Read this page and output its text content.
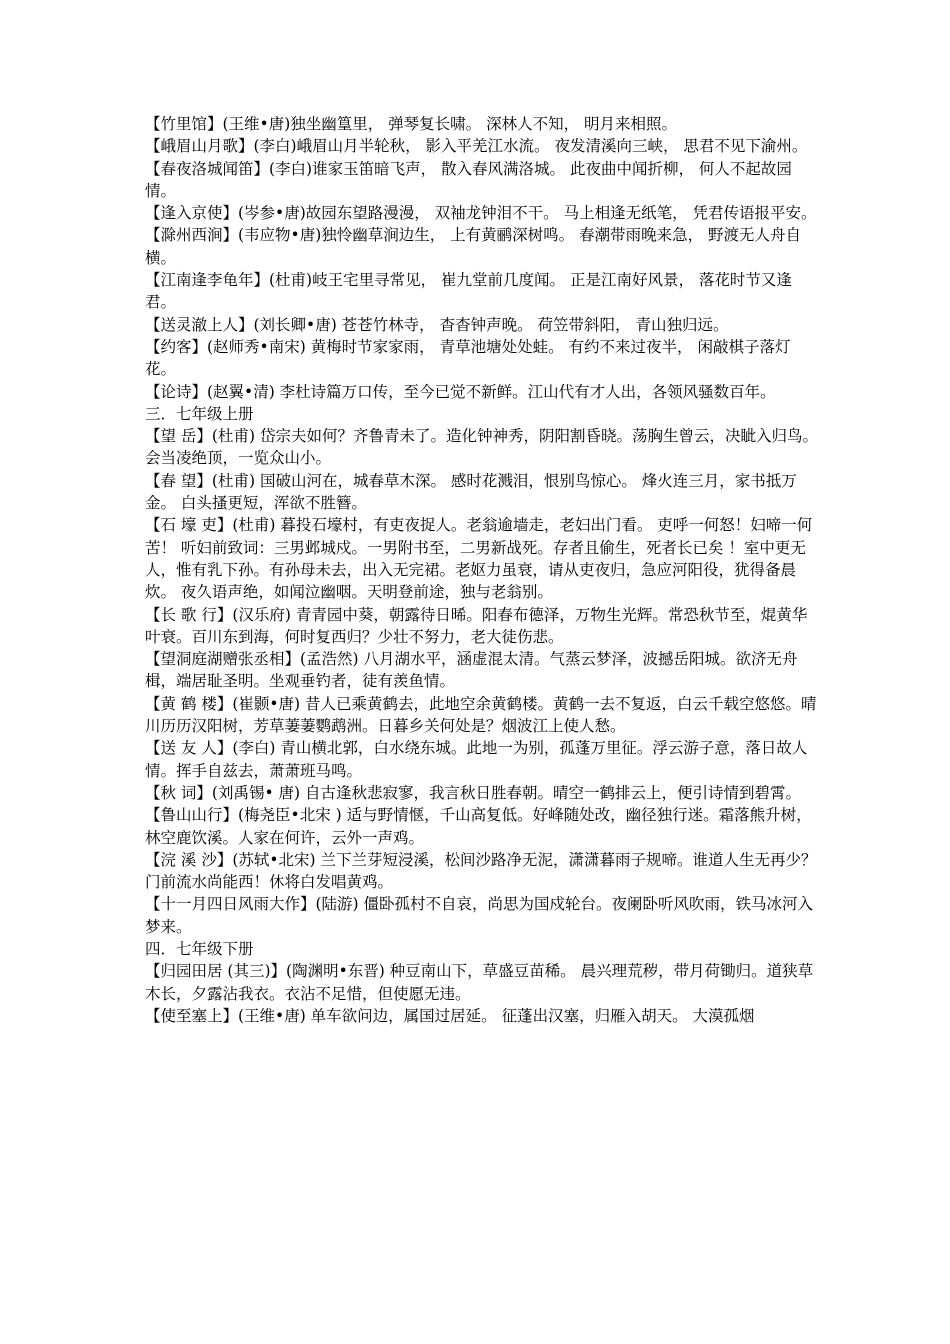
【竹里馆】(王维•唐)独坐幽篁里， 弹琴复长啸。 深林人不知， 明月来相照。

【峨眉山月歌】(李白)峨眉山月半轮秋， 影入平羌江水流。 夜发清溪向三峡， 思君不见下渝州。

【春夜洛城闻笛】(李白)谁家玉笛暗飞声， 散入春风满洛城。 此夜曲中闻折柳， 何人不起故园情。

【逢入京使】(岑参•唐)故园东望路漫漫， 双袖龙钟泪不干。 马上相逢无纸笔， 凭君传语报平安。

【滁州西涧】(韦应物•唐)独怜幽草涧边生， 上有黄鹂深树鸣。 春潮带雨晚来急， 野渡无人舟自横。

【江南逢李龟年】(杜甫)岐王宅里寻常见， 崔九堂前几度闻。 正是江南好风景， 落花时节又逢君。

【送灵澈上人】(刘长卿•唐) 苍苍竹林寺， 杳杳钟声晚。 荷笠带斜阳， 青山独归远。

【约客】(赵师秀•南宋) 黄梅时节家家雨， 青草池塘处处蛙。 有约不来过夜半， 闲敲棋子落灯花。

【论诗】(赵翼•清) 李杜诗篇万口传，至今已觉不新鲜。江山代有才人出，各领风骚数百年。

三．七年级上册

【望 岳】(杜甫) 岱宗夫如何？齐鲁青未了。造化钟神秀，阴阳割昏晓。荡胸生曾云，决眦入归鸟。 会当凌绝顶，一览众山小。

【春 望】(杜甫) 国破山河在，城春草木深。 感时花溅泪，恨别鸟惊心。 烽火连三月，家书抵万金。 白头搔更短，浑欲不胜簪。

【石 壕 吏】(杜甫) 暮投石壕村，有吏夜捉人。老翁逾墙走，老妇出门看。 吏呼一何怒！妇啼一何苦！ 听妇前致词：三男邺城戍。一男附书至，二男新战死。存者且偷生，死者长已矣 ！室中更无人，惟有乳下孙。有孙母未去，出入无完裙。老妪力虽衰，请从吏夜归，急应河阳役，犹得备晨炊。 夜久语声绝，如闻泣幽咽。天明登前途，独与老翁别。

【长 歌 行】(汉乐府) 青青园中葵，朝露待日晞。阳春布德泽，万物生光辉。常恐秋节至，焜黄华叶衰。百川东到海，何时复西归？少壮不努力，老大徒伤悲。

【望洞庭湖赠张丞相】(孟浩然) 八月湖水平，涵虚混太清。气蒸云梦泽，波撼岳阳城。欲济无舟楫，端居耻圣明。坐观垂钓者，徒有羡鱼情。

【黄 鹤 楼】(崔颢•唐) 昔人已乘黄鹤去，此地空余黄鹤楼。黄鹤一去不复返，白云千载空悠悠。晴川历历汉阳树，芳草萋萋鹦鹉洲。日暮乡关何处是？烟波江上使人愁。

【送 友 人】(李白) 青山横北郭，白水绕东城。此地一为别，孤蓬万里征。浮云游子意，落日故人情。挥手自兹去，萧萧班马鸣。

【秋 词】(刘禹锡• 唐) 自古逢秋悲寂寥，我言秋日胜春朝。晴空一鹤排云上，便引诗情到碧霄。

【鲁山山行】(梅尧臣•北宋 ) 适与野情惬，千山高复低。好峰随处改，幽径独行迷。霜落熊升树，林空鹿饮溪。人家在何许，云外一声鸡。

【浣 溪 沙】(苏轼•北宋) 兰下兰芽短浸溪，松间沙路净无泥，潇潇暮雨子规啼。谁道人生无再少？门前流水尚能西！休将白发唱黄鸡。

【十一月四日风雨大作】(陆游) 僵卧孤村不自哀，尚思为国戍轮台。夜阑卧听风吹雨，铁马冰河入梦来。

四．七年级下册

【归园田居 (其三)】(陶渊明•东晋) 种豆南山下，草盛豆苗稀。 晨兴理荒秽，带月荷锄归。道狭草木长，夕露沾我衣。衣沾不足惜，但使愿无违。

【使至塞上】(王维•唐) 单车欲问边，属国过居延。 征蓬出汉塞，归雁入胡天。 大漠孤烟
